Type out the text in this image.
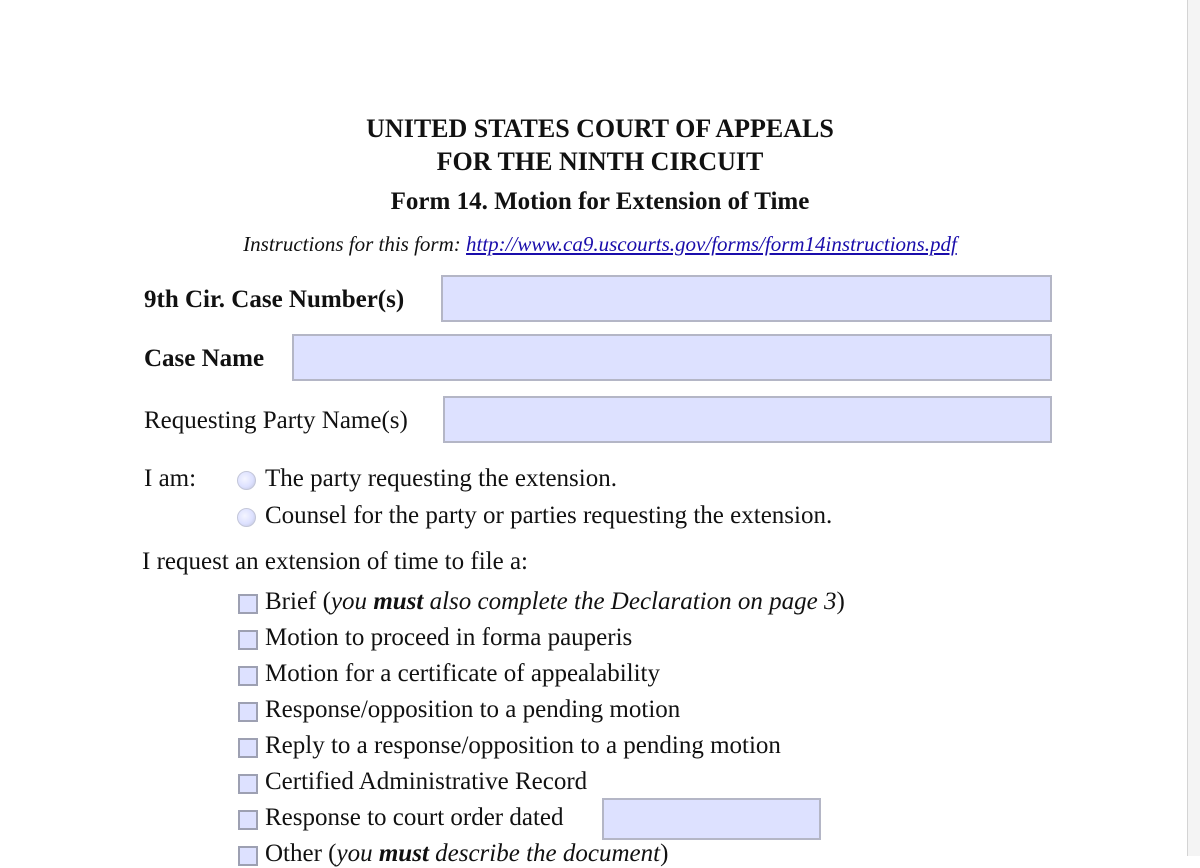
UNITED STATES COURT OF APPEALS
FOR THE NINTH CIRCUIT
Form 14. Motion for Extension of Time
Instructions for this form: http://www.ca9.uscourts.gov/forms/form14instructions.pdf
9th Cir. Case Number(s)
Case Name
Requesting Party Name(s)
I am:	The party requesting the extension.
Counsel for the party or parties requesting the extension.
I request an extension of time to file a:
Brief (you must also complete the Declaration on page 3)
Motion to proceed in forma pauperis
Motion for a certificate of appealability
Response/opposition to a pending motion
Reply to a response/opposition to a pending motion
Certified Administrative Record
Response to court order dated
Other (you must describe the document)
